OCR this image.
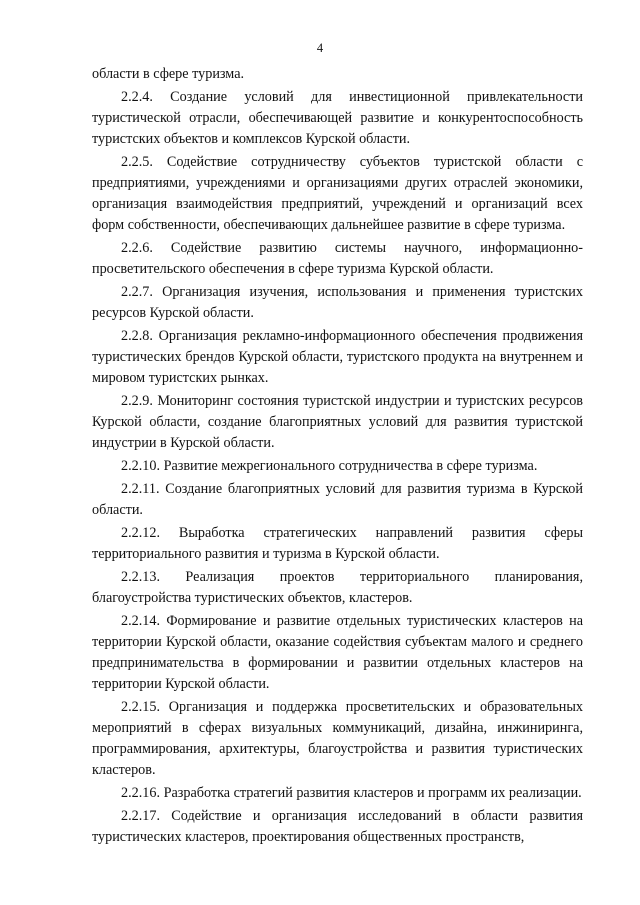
4

области в сфере туризма.

2.2.4. Создание условий для инвестиционной привлекательности туристической отрасли, обеспечивающей развитие и конкурентоспособность туристских объектов и комплексов Курской области.

2.2.5. Содействие сотрудничеству субъектов туристской области с предприятиями, учреждениями и организациями других отраслей экономики, организация взаимодействия предприятий, учреждений и организаций всех форм собственности, обеспечивающих дальнейшее развитие в сфере туризма.

2.2.6. Содействие развитию системы научного, информационно-просветительского обеспечения в сфере туризма Курской области.

2.2.7. Организация изучения, использования и применения туристских ресурсов Курской области.

2.2.8. Организация рекламно-информационного обеспечения продвижения туристических брендов Курской области, туристского продукта на внутреннем и мировом туристских рынках.

2.2.9. Мониторинг состояния туристской индустрии и туристских ресурсов Курской области, создание благоприятных условий для развития туристской индустрии в Курской области.

2.2.10. Развитие межрегионального сотрудничества в сфере туризма.

2.2.11. Создание благоприятных условий для развития туризма в Курской области.

2.2.12. Выработка стратегических направлений развития сферы территориального развития и туризма в Курской области.

2.2.13. Реализация проектов территориального планирования, благоустройства туристических объектов, кластеров.

2.2.14. Формирование и развитие отдельных туристических кластеров на территории Курской области, оказание содействия субъектам малого и среднего предпринимательства в формировании и развитии отдельных кластеров на территории Курской области.

2.2.15. Организация и поддержка просветительских и образовательных мероприятий в сферах визуальных коммуникаций, дизайна, инжиниринга, программирования, архитектуры, благоустройства и развития туристических кластеров.

2.2.16. Разработка стратегий развития кластеров и программ их реализации.

2.2.17. Содействие и организация исследований в области развития туристических кластеров, проектирования общественных пространств,
